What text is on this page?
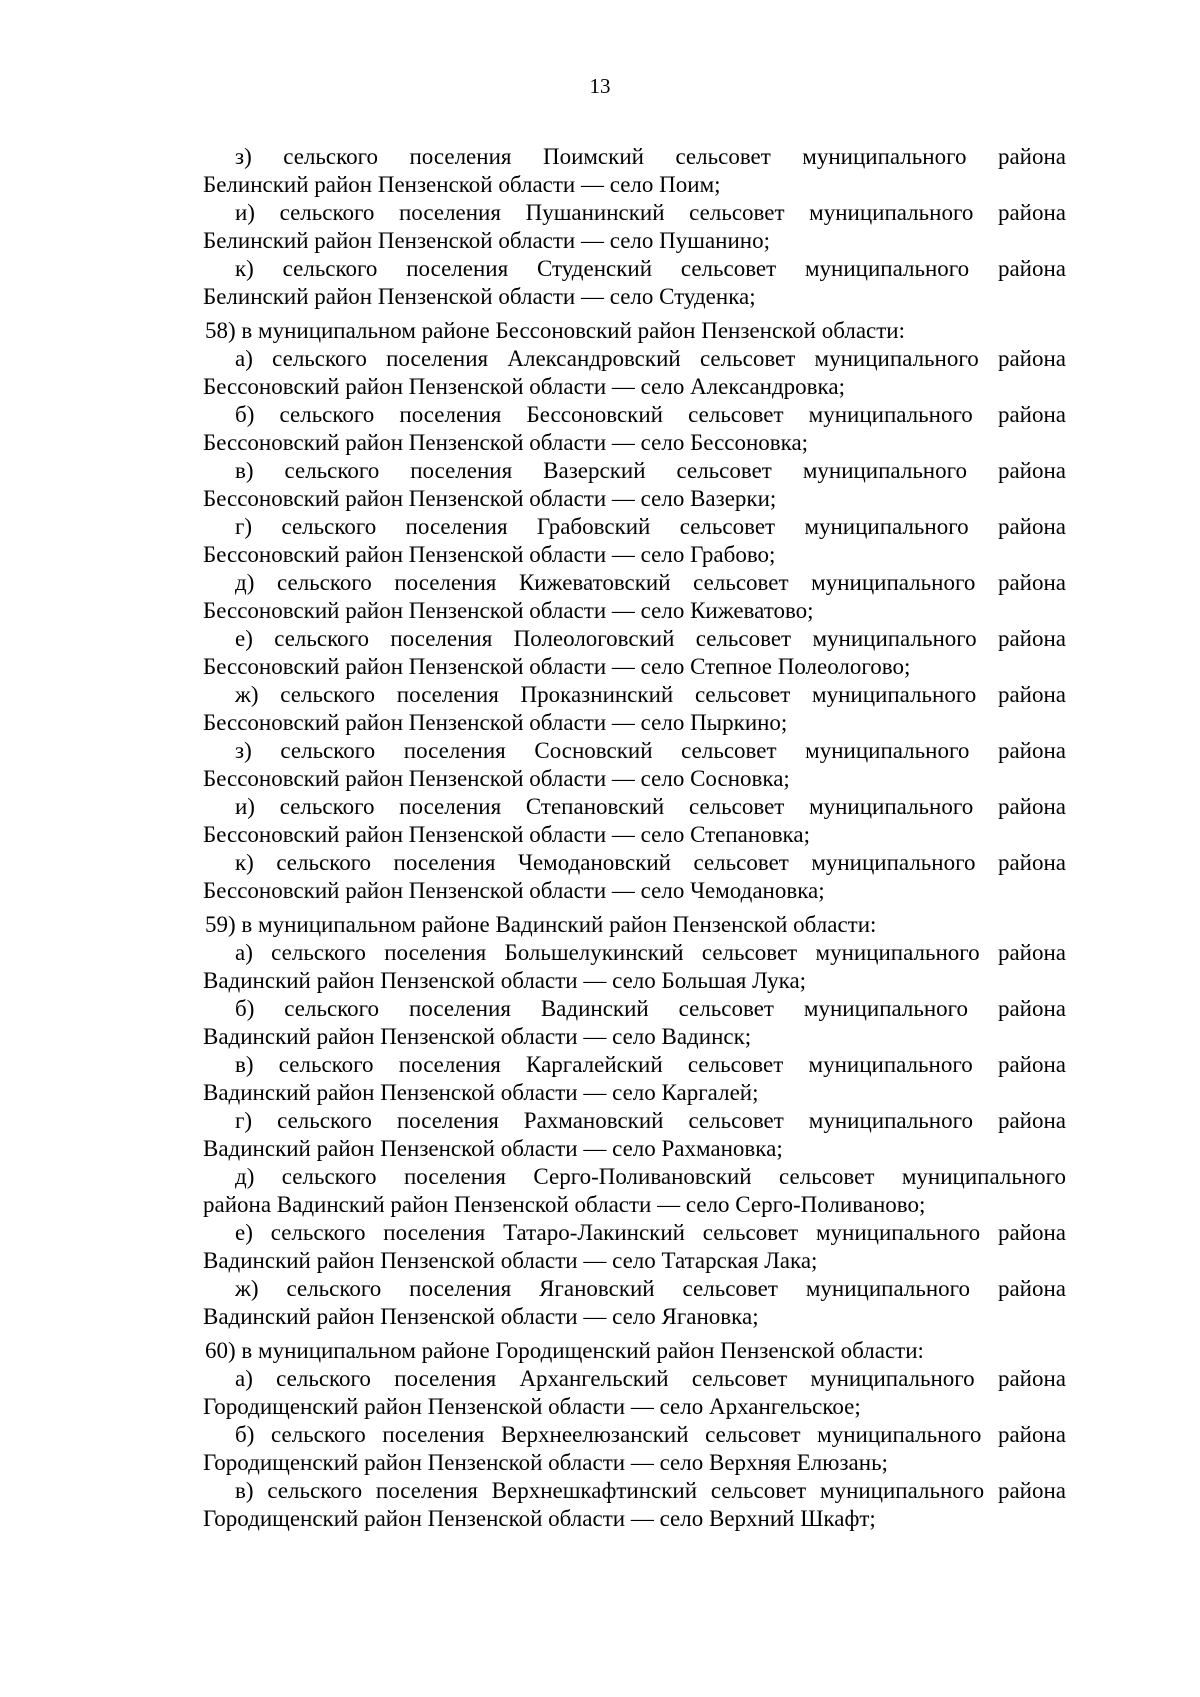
13
з) сельского поселения Поимский сельсовет муниципального района
Белинский район Пензенской области — село Поим;
и) сельского поселения Пушанинский сельсовет муниципального района
Белинский район Пензенской области — село Пушанино;
к) сельского поселения Студенский сельсовет муниципального района
Белинский район Пензенской области — село Студенка;
58) в муниципальном районе Бессоновский район Пензенской области:
а) сельского поселения Александровский сельсовет муниципального района
Бессоновский район Пензенской области — село Александровка;
б) сельского поселения Бессоновский сельсовет муниципального района
Бессоновский район Пензенской области — село Бессоновка;
в) сельского поселения Вазерский сельсовет муниципального района
Бессоновский район Пензенской области — село Вазерки;
г) сельского поселения Грабовский сельсовет муниципального района
Бессоновский район Пензенской области — село Грабово;
д) сельского поселения Кижеватовский сельсовет муниципального района
Бессоновский район Пензенской области — село Кижеватово;
е) сельского поселения Полеологовский сельсовет муниципального района
Бессоновский район Пензенской области — село Степное Полеологово;
ж) сельского поселения Проказнинский сельсовет муниципального района
Бессоновский район Пензенской области — село Пыркино;
з) сельского поселения Сосновский сельсовет муниципального района
Бессоновский район Пензенской области — село Сосновка;
и) сельского поселения Степановский сельсовет муниципального района
Бессоновский район Пензенской области — село Степановка;
к) сельского поселения Чемодановский сельсовет муниципального района
Бессоновский район Пензенской области — село Чемодановка;
59) в муниципальном районе Вадинский район Пензенской области:
а) сельского поселения Большелукинский сельсовет муниципального района
Вадинский район Пензенской области — село Большая Лука;
б) сельского поселения Вадинский сельсовет муниципального района
Вадинский район Пензенской области — село Вадинск;
в) сельского поселения Каргалейский сельсовет муниципального района
Вадинский район Пензенской области — село Каргалей;
г) сельского поселения Рахмановский сельсовет муниципального района
Вадинский район Пензенской области — село Рахмановка;
д) сельского поселения Серго-Поливановский сельсовет муниципального
района Вадинский район Пензенской области — село Серго-Поливаново;
е) сельского поселения Татаро-Лакинский сельсовет муниципального района
Вадинский район Пензенской области — село Татарская Лака;
ж) сельского поселения Ягановский сельсовет муниципального района
Вадинский район Пензенской области — село Ягановка;
60) в муниципальном районе Городищенский район Пензенской области:
а) сельского поселения Архангельский сельсовет муниципального района
Городищенский район Пензенской области — село Архангельское;
б) сельского поселения Верхнеелюзанский сельсовет муниципального района
Городищенский район Пензенской области — село Верхняя Елюзань;
в) сельского поселения Верхнешкафтинский сельсовет муниципального района
Городищенский район Пензенской области — село Верхний Шкафт;
